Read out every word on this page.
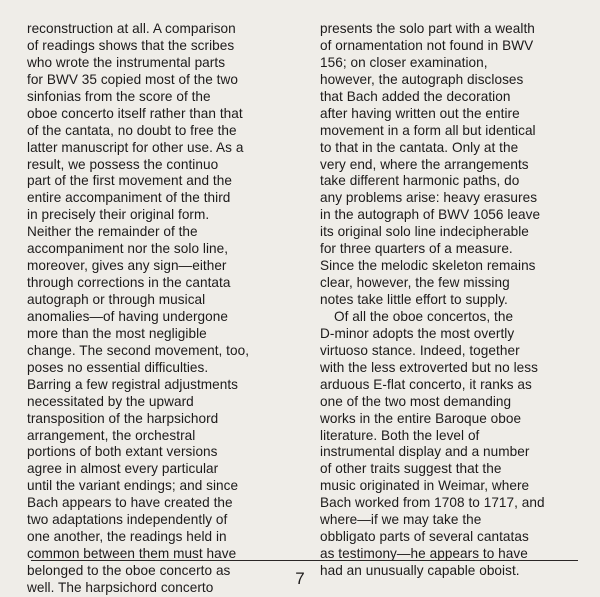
reconstruction at all. A comparison
of readings shows that the scribes
who wrote the instrumental parts
for BWV 35 copied most of the two
sinfonias from the score of the
oboe concerto itself rather than that
of the cantata, no doubt to free the
latter manuscript for other use. As a
result, we possess the continuo
part of the first movement and the
entire accompaniment of the third
in precisely their original form.
Neither the remainder of the
accompaniment nor the solo line,
moreover, gives any sign—either
through corrections in the cantata
autograph or through musical
anomalies—of having undergone
more than the most negligible
change. The second movement, too,
poses no essential difficulties.
Barring a few registral adjustments
necessitated by the upward
transposition of the harpsichord
arrangement, the orchestral
portions of both extant versions
agree in almost every particular
until the variant endings; and since
Bach appears to have created the
two adaptations independently of
one another, the readings held in
common between them must have
belonged to the oboe concerto as
well. The harpsichord concerto
presents the solo part with a wealth
of ornamentation not found in BWV
156; on closer examination,
however, the autograph discloses
that Bach added the decoration
after having written out the entire
movement in a form all but identical
to that in the cantata. Only at the
very end, where the arrangements
take different harmonic paths, do
any problems arise: heavy erasures
in the autograph of BWV 1056 leave
its original solo line indecipherable
for three quarters of a measure.
Since the melodic skeleton remains
clear, however, the few missing
notes take little effort to supply.
Of all the oboe concertos, the
D-minor adopts the most overtly
virtuoso stance. Indeed, together
with the less extroverted but no less
arduous E-flat concerto, it ranks as
one of the two most demanding
works in the entire Baroque oboe
literature. Both the level of
instrumental display and a number
of other traits suggest that the
music originated in Weimar, where
Bach worked from 1708 to 1717, and
where—if we may take the
obbligato parts of several cantatas
as testimony—he appears to have
had an unusually capable oboist.
7
